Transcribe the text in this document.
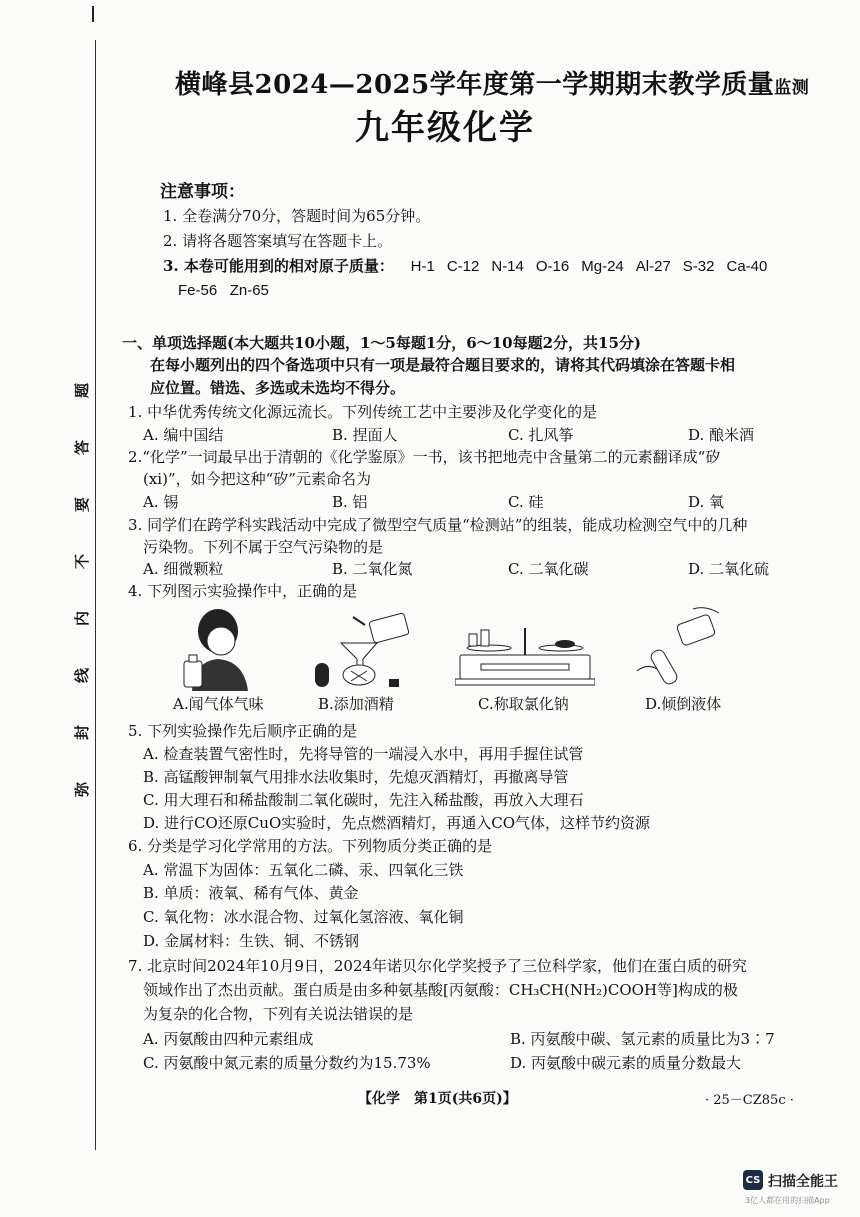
题
答
要
不
内
线
封
弥
横峰县2024—2025学年度第一学期期末教学质量监测
九年级化学
注意事项：
1. 全卷满分70分，答题时间为65分钟。
2. 请将各题答案填写在答题卡上。
3. 本卷可能用到的相对原子质量： H-1 C-12 N-14 O-16 Mg-24 Al-27 S-32 Ca-40
Fe-56 Zn-65
一、单项选择题(本大题共10小题，1～5每题1分，6～10每题2分，共15分)
在每小题列出的四个备选项中只有一项是最符合题目要求的，请将其代码填涂在答题卡相
应位置。错选、多选或未选均不得分。
1. 中华优秀传统文化源远流长。下列传统工艺中主要涉及化学变化的是
A. 编中国结	B. 捏面人	C. 扎风筝	D. 酿米酒
2.“化学”一词最早出于清朝的《化学鉴原》一书，该书把地壳中含量第二的元素翻译成“矽
(xi)”，如今把这种“矽”元素命名为
A. 锡	B. 铝	C. 硅	D. 氧
3. 同学们在跨学科实践活动中完成了微型空气质量“检测站”的组装，能成功检测空气中的几种
污染物。下列不属于空气污染物的是
A. 细微颗粒	B. 二氧化氮	C. 二氧化碳	D. 二氧化硫
4. 下列图示实验操作中，正确的是
A.闻气体气味	B.添加酒精	C.称取氯化钠	D.倾倒液体
5. 下列实验操作先后顺序正确的是
A. 检查装置气密性时，先将导管的一端浸入水中，再用手握住试管
B. 高锰酸钾制氧气用排水法收集时，先熄灭酒精灯，再撤离导管
C. 用大理石和稀盐酸制二氧化碳时，先注入稀盐酸，再放入大理石
D. 进行CO还原CuO实验时，先点燃酒精灯，再通入CO气体，这样节约资源
6. 分类是学习化学常用的方法。下列物质分类正确的是
A. 常温下为固体：五氧化二磷、汞、四氧化三铁
B. 单质：液氧、稀有气体、黄金
C. 氧化物：冰水混合物、过氧化氢溶液、氧化铜
D. 金属材料：生铁、铜、不锈钢
7. 北京时间2024年10月9日，2024年诺贝尔化学奖授予了三位科学家，他们在蛋白质的研究
领域作出了杰出贡献。蛋白质是由多种氨基酸[丙氨酸：CH₃CH(NH₂)COOH等]构成的极
为复杂的化合物，下列有关说法错误的是
A. 丙氨酸由四种元素组成	B. 丙氨酸中碳、氢元素的质量比为3∶7
C. 丙氨酸中氮元素的质量分数约为15.73%	D. 丙氨酸中碳元素的质量分数最大
【化学　第1页(共6页)】	· 25－CZ85c ·
CS 扫描全能王
3亿人都在用的扫描App
